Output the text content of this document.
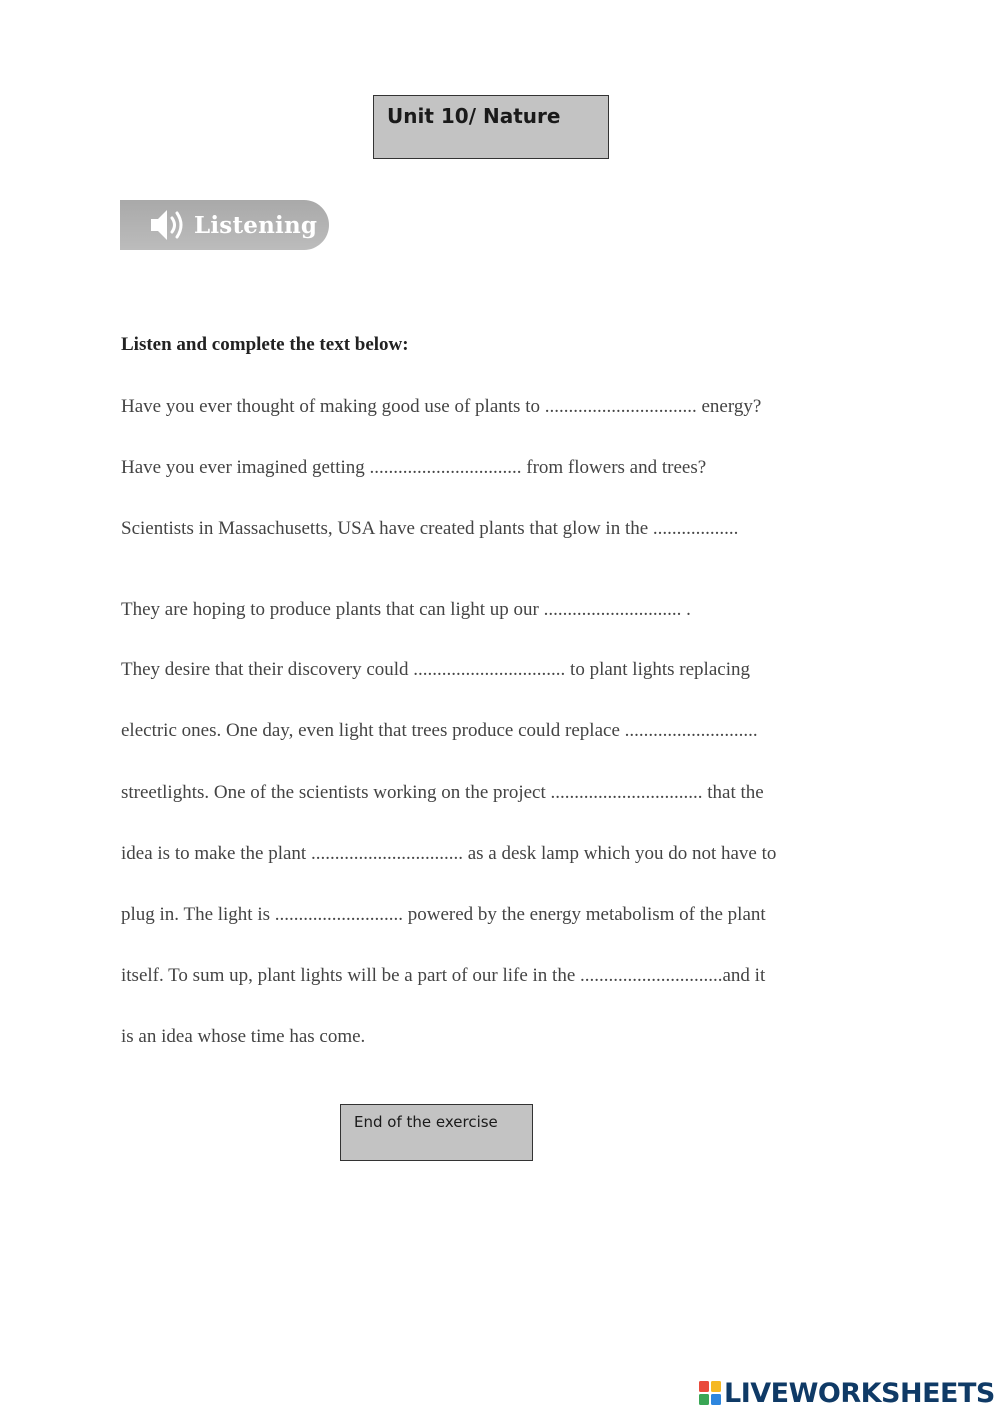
Unit 10/ Nature
Listening
Listen and complete the text below:
Have you ever thought of making good use of plants to ................................ energy?
Have you ever imagined getting ................................ from flowers and trees?
Scientists in Massachusetts, USA have created plants that glow in the ..................
They are hoping to produce plants that can light up our ............................. .
They desire that their discovery could ................................ to plant lights replacing
electric ones. One day, even light that trees produce could replace ............................
streetlights. One of the scientists working on the project ................................ that the
idea is to make the plant ................................ as a desk lamp which you do not have to
plug in. The light is ........................... powered by the energy metabolism of the plant
itself. To sum up, plant lights will be a part of our life in the ..............................and it
is an idea whose time has come.
End of the exercise
LIVEWORKSHEETS
